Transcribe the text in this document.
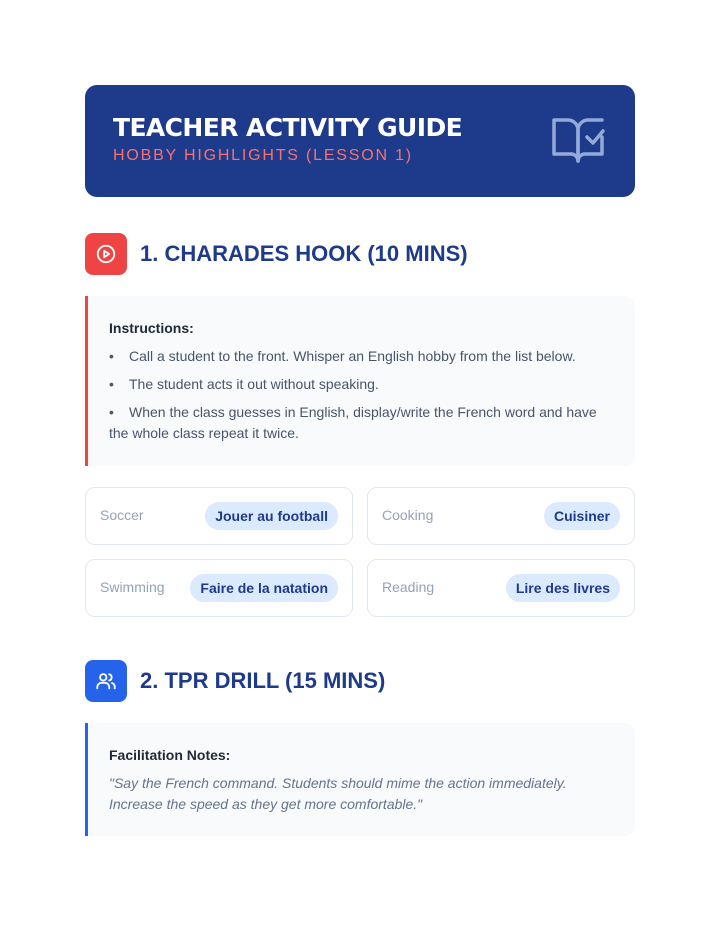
TEACHER ACTIVITY GUIDE
HOBBY HIGHLIGHTS (LESSON 1)
1. CHARADES HOOK (10 MINS)
Instructions:
• Call a student to the front. Whisper an English hobby from the list below.
• The student acts it out without speaking.
• When the class guesses in English, display/write the French word and have the whole class repeat it twice.
Soccer	Jouer au football	Cooking	Cuisiner
Swimming	Faire de la natation	Reading	Lire des livres
2. TPR DRILL (15 MINS)
Facilitation Notes:
"Say the French command. Students should mime the action immediately. Increase the speed as they get more comfortable."
